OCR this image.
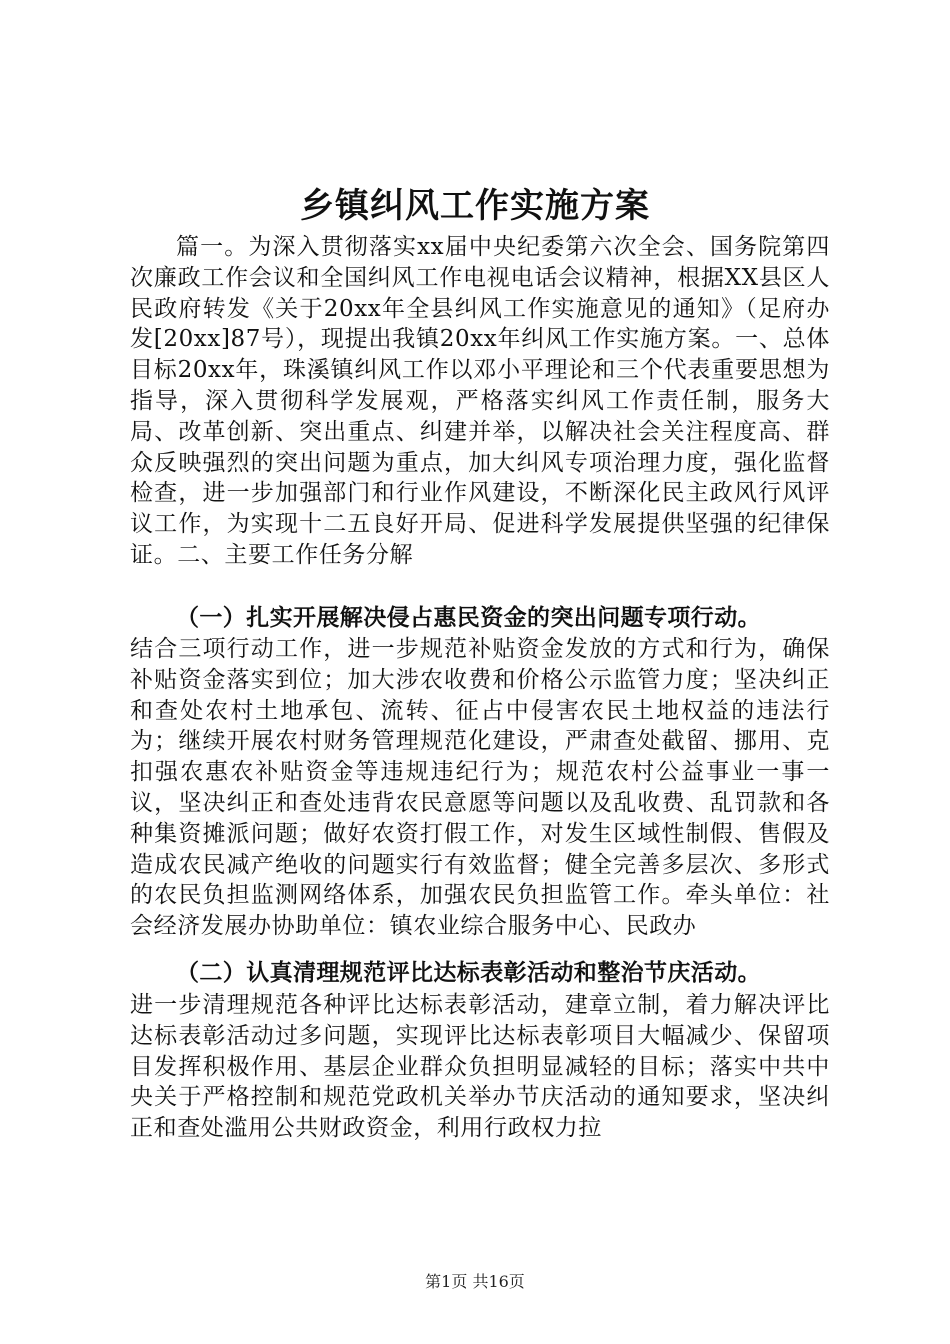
乡镇纠风工作实施方案
篇一。为深入贯彻落实xx届中央纪委第六次全会、国务院第四次廉政工作会议和全国纠风工作电视电话会议精神，根据XX县区人民政府转发《关于20xx年全县纠风工作实施意见的通知》（足府办发[20xx]87号），现提出我镇20xx年纠风工作实施方案。一、总体目标20xx年，珠溪镇纠风工作以邓小平理论和三个代表重要思想为指导，深入贯彻科学发展观，严格落实纠风工作责任制，服务大局、改革创新、突出重点、纠建并举，以解决社会关注程度高、群众反映强烈的突出问题为重点，加大纠风专项治理力度，强化监督检查，进一步加强部门和行业作风建设，不断深化民主政风行风评议工作，为实现十二五良好开局、促进科学发展提供坚强的纪律保证。二、主要工作任务分解
（一）扎实开展解决侵占惠民资金的突出问题专项行动。
结合三项行动工作，进一步规范补贴资金发放的方式和行为，确保补贴资金落实到位；加大涉农收费和价格公示监管力度；坚决纠正和查处农村土地承包、流转、征占中侵害农民土地权益的违法行为；继续开展农村财务管理规范化建设，严肃查处截留、挪用、克扣强农惠农补贴资金等违规违纪行为；规范农村公益事业一事一议，坚决纠正和查处违背农民意愿等问题以及乱收费、乱罚款和各种集资摊派问题；做好农资打假工作，对发生区域性制假、售假及造成农民减产绝收的问题实行有效监督；健全完善多层次、多形式的农民负担监测网络体系，加强农民负担监管工作。牵头单位：社会经济发展办协助单位：镇农业综合服务中心、民政办
（二）认真清理规范评比达标表彰活动和整治节庆活动。
进一步清理规范各种评比达标表彰活动，建章立制，着力解决评比达标表彰活动过多问题，实现评比达标表彰项目大幅减少、保留项目发挥积极作用、基层企业群众负担明显减轻的目标；落实中共中央关于严格控制和规范党政机关举办节庆活动的通知要求，坚决纠正和查处滥用公共财政资金，利用行政权力拉
第1页 共16页
